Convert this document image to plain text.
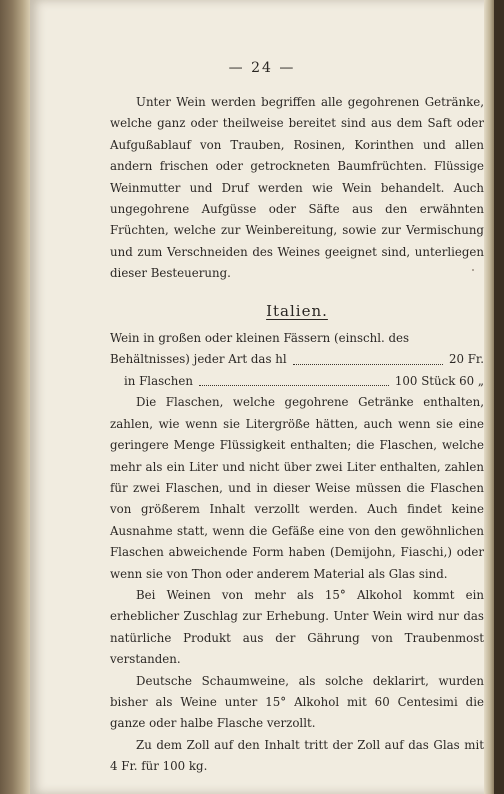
— 24 —

Unter Wein werden begriffen alle gegohrenen Getränke, welche ganz oder theilweise bereitet sind aus dem Saft oder Aufgußablauf von Trauben, Rosinen, Korinthen und allen andern frischen oder getrockneten Baumfrüchten. Flüssige Weinmutter und Druf werden wie Wein behandelt. Auch ungegohrene Aufgüsse oder Säfte aus den erwähnten Früchten, welche zur Weinbereitung, sowie zur Vermischung und zum Verschneiden des Weines geeignet sind, unterliegen dieser Besteuerung.

Italien.

Wein in großen oder kleinen Fässern (einschl. des

Behältnisses) jeder Art das hl	20 Fr.
in Flaschen	100 Stück 60 „

Die Flaschen, welche gegohrene Getränke enthalten, zahlen, wie wenn sie Litergröße hätten, auch wenn sie eine geringere Menge Flüssigkeit enthalten; die Flaschen, welche mehr als ein Liter und nicht über zwei Liter enthalten, zahlen für zwei Flaschen, und in dieser Weise müssen die Flaschen von größerem Inhalt verzollt werden. Auch findet keine Ausnahme statt, wenn die Gefäße eine von den gewöhnlichen Flaschen abweichende Form haben (Demijohn, Fiaschi,) oder wenn sie von Thon oder anderem Material als Glas sind.

Bei Weinen von mehr als 15° Alkohol kommt ein erheblicher Zuschlag zur Erhebung. Unter Wein wird nur das natürliche Produkt aus der Gährung von Traubenmost verstanden.

Deutsche Schaumweine, als solche deklarirt, wurden bisher als Weine unter 15° Alkohol mit 60 Centesimi die ganze oder halbe Flasche verzollt.

Zu dem Zoll auf den Inhalt tritt der Zoll auf das Glas mit 4 Fr. für 100 kg.
